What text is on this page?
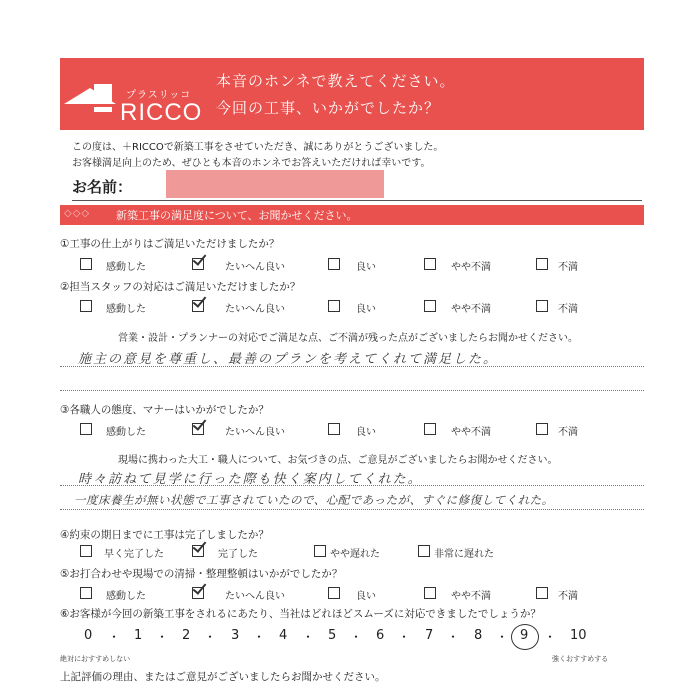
プラスリッコ
RICCO
本音のホンネで教えてください。
今回の工事、いかがでしたか？
この度は、＋RICCOで新築工事をさせていただき、誠にありがとうございました。
お客様満足向上のため、ぜひとも本音のホンネでお答えいただければ幸いです。
お名前：
◇◇◇ 新築工事の満足度について、お聞かせください。
①工事の仕上がりはご満足いただけましたか？
感動した	たいへん良い	良い	やや不満	不満
②担当スタッフの対応はご満足いただけましたか？
感動した	たいへん良い	良い	やや不満	不満
営業・設計・プランナーの対応でご満足な点、ご不満が残った点がございましたらお聞かせください。
施主の意見を尊重し、最善のプランを考えてくれて満足した。
③各職人の態度、マナーはいかがでしたか？
感動した	たいへん良い	良い	やや不満	不満
現場に携わった大工・職人について、お気づきの点、ご意見がございましたらお聞かせください。
時々訪ねて見学に行った際も快く案内してくれた。
一度床養生が無い状態で工事されていたので、心配であったが、すぐに修復してくれた。
④約束の期日までに工事は完了しましたか？
早く完了した	完了した	やや遅れた	非常に遅れた
⑤お打合わせや現場での清掃・整理整頓はいかがでしたか？
感動した	たいへん良い	良い	やや不満	不満
⑥お客様が今回の新築工事をされるにあたり、当社はどれほどスムーズに対応できましたでしょうか？
0 ・ 1 ・ 2 ・ 3 ・ 4 ・ 5 ・ 6 ・ 7 ・ 8 ・ 9 ・ 10
絶対におすすめしない	強くおすすめする
上記評価の理由、またはご意見がございましたらお聞かせください。
